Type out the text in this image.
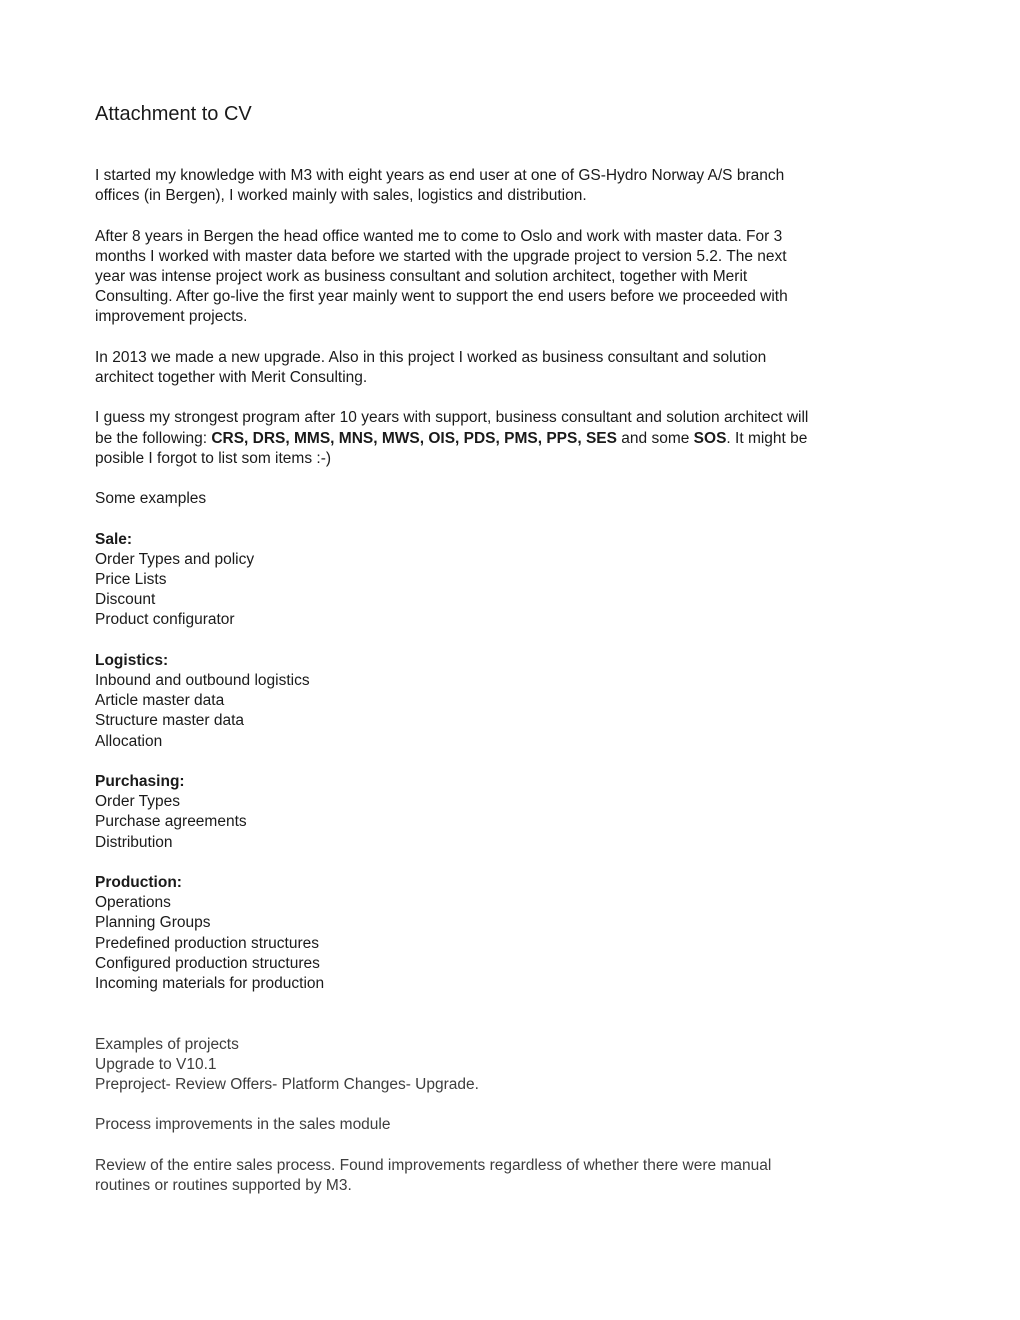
Attachment to CV

I started my knowledge with M3 with eight years as end user at one of GS-Hydro Norway A/S branch
offices (in Bergen), I worked mainly with sales, logistics and distribution.

After 8 years in Bergen the head office wanted me to come to Oslo and work with master data. For 3
months I worked with master data before we started with the upgrade project to version 5.2. The next
year was intense project work as business consultant and solution architect, together with Merit
Consulting. After go-live the first year mainly went to support the end users before we proceeded with
improvement projects.

In 2013 we made a new upgrade. Also in this project I worked as business consultant and solution
architect together with Merit Consulting.

I guess my strongest program after 10 years with support, business consultant and solution architect will
be the following: CRS, DRS, MMS, MNS, MWS, OIS, PDS, PMS, PPS, SES and some SOS. It might be
posible I forgot to list som items :-)

Some examples

Sale:
Order Types and policy
Price Lists
Discount
Product configurator
Logistics:
Inbound and outbound logistics
Article master data
Structure master data
Allocation
Purchasing:
Order Types
Purchase agreements
Distribution
Production:
Operations
Planning Groups
Predefined production structures
Configured production structures
Incoming materials for production
Examples of projects
Upgrade to V10.1
Preproject- Review Offers- Platform Changes- Upgrade.
Process improvements in the sales module
Review of the entire sales process. Found improvements regardless of whether there were manual
routines or routines supported by M3.
